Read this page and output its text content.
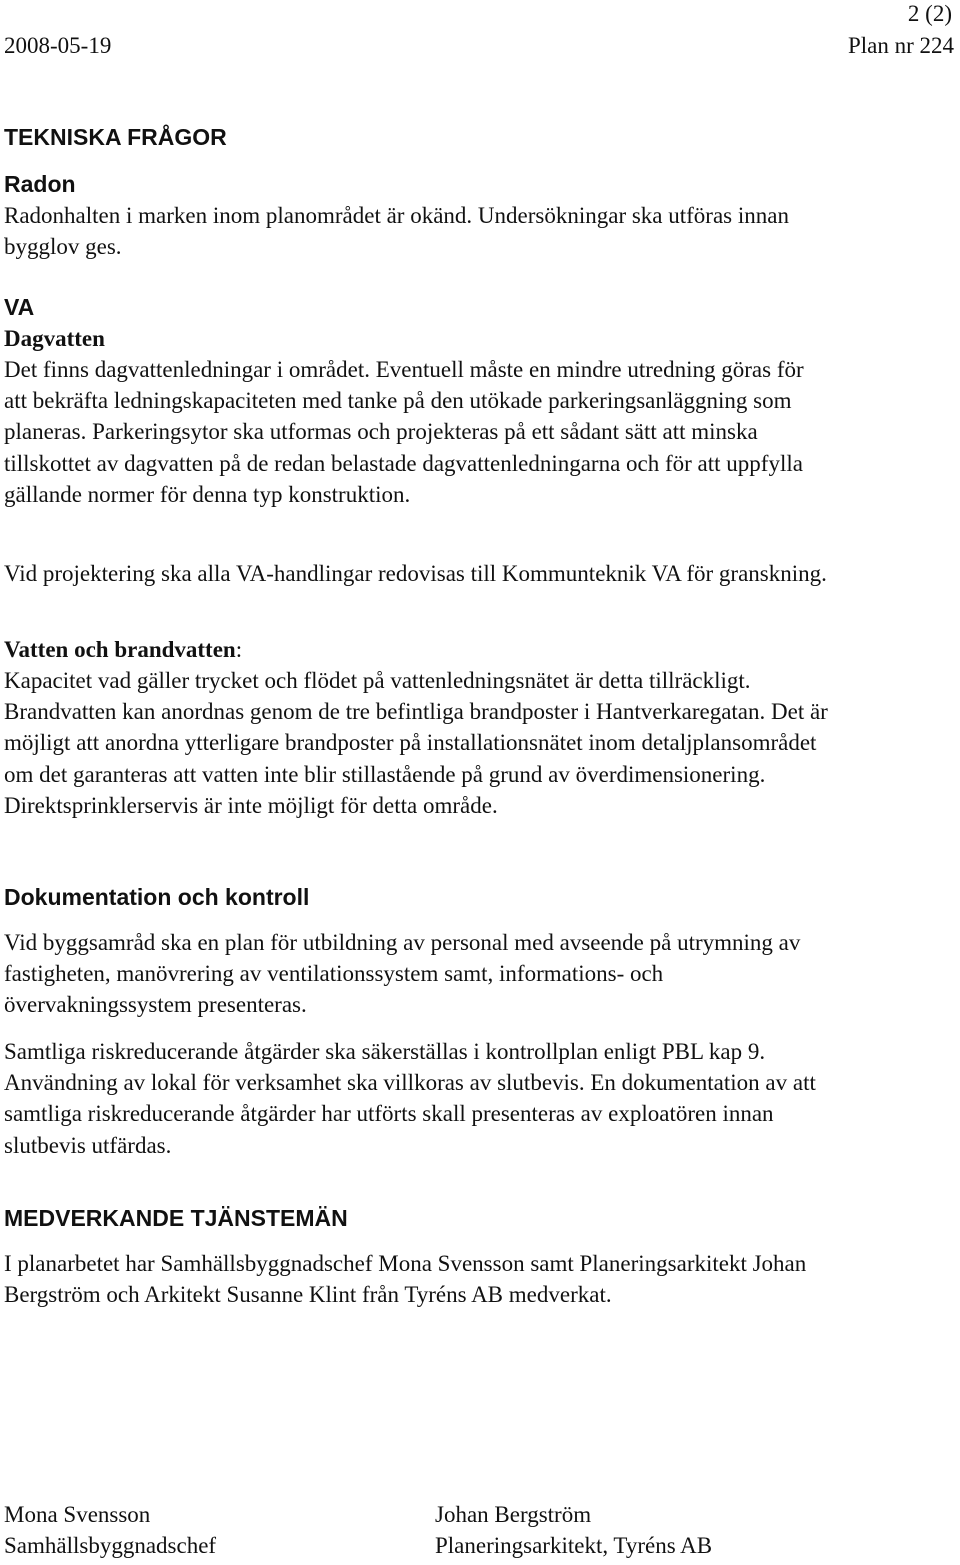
2 (2)
2008-05-19	Plan nr 224
TEKNISKA FRÅGOR
Radon

Radonhalten i marken inom planområdet är okänd. Undersökningar ska utföras innan bygglov ges.

VA
Dagvatten

Det finns dagvattenledningar i området. Eventuell måste en mindre utredning göras för att bekräfta ledningskapaciteten med tanke på den utökade parkeringsanläggning som planeras. Parkeringsytor ska utformas och projekteras på ett sådant sätt att minska tillskottet av dagvatten på de redan belastade dagvattenledningarna och för att uppfylla gällande normer för denna typ konstruktion.

Vid projektering ska alla VA-handlingar redovisas till Kommunteknik VA för granskning.

Vatten och brandvatten:

Kapacitet vad gäller trycket och flödet på vattenledningsnätet är detta tillräckligt. Brandvatten kan anordnas genom de tre befintliga brandposter i Hantverkaregatan. Det är möjligt att anordna ytterligare brandposter på installationsnätet inom detaljplansområdet om det garanteras att vatten inte blir stillastående på grund av överdimensionering. Direktsprinklerservis är inte möjligt för detta område.

Dokumentation och kontroll

Vid byggsamråd ska en plan för utbildning av personal med avseende på utrymning av fastigheten, manövrering av ventilationssystem samt, informations- och övervakningssystem presenteras.

Samtliga riskreducerande åtgärder ska säkerställas i kontrollplan enligt PBL kap 9. Användning av lokal för verksamhet ska villkoras av slutbevis. En dokumentation av att samtliga riskreducerande åtgärder har utförts skall presenteras av exploatören innan slutbevis utfärdas.

MEDVERKANDE TJÄNSTEMÄN

I planarbetet har Samhällsbyggnadschef Mona Svensson samt Planeringsarkitekt Johan Bergström och Arkitekt Susanne Klint från Tyréns AB medverkat.

Mona Svensson
Samhällsbyggnadschef
Johan Bergström
Planeringsarkitekt, Tyréns AB
